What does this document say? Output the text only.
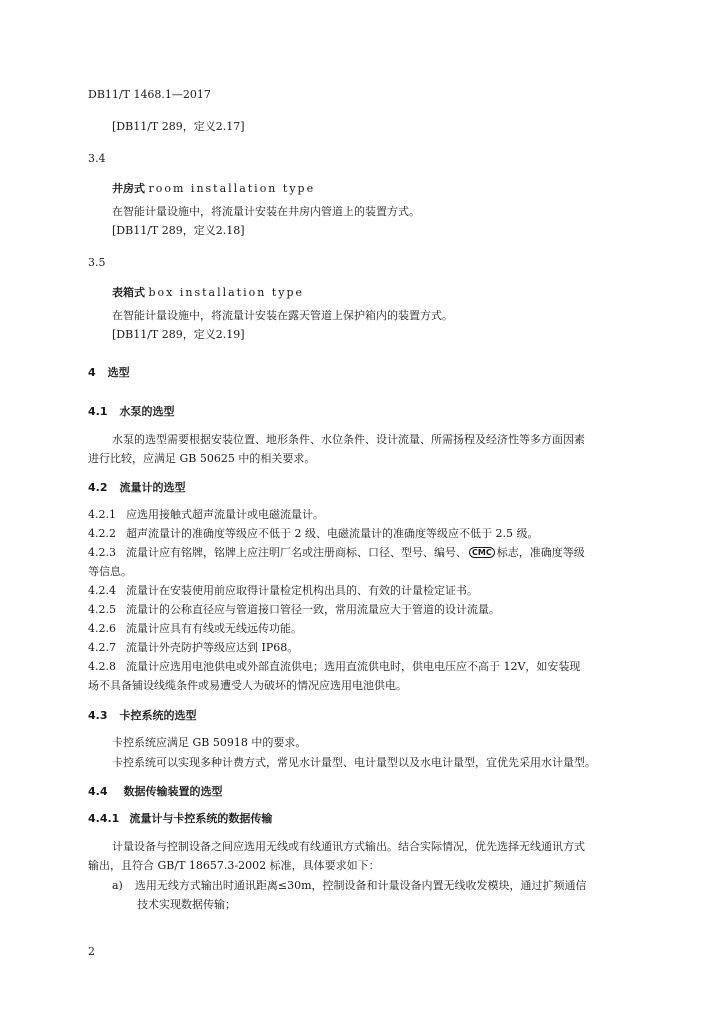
DB11/T 1468.1—2017
[DB11/T 289，定义2.17]
3.4
井房式 room installation type
在智能计量设施中，将流量计安装在井房内管道上的装置方式。
[DB11/T 289，定义2.18]
3.5
表箱式 box installation type
在智能计量设施中，将流量计安装在露天管道上保护箱内的装置方式。
[DB11/T 289，定义2.19]
4 选型
4.1 水泵的选型
水泵的选型需要根据安装位置、地形条件、水位条件、设计流量、所需扬程及经济性等多方面因素
进行比较，应满足 GB 50625 中的相关要求。
4.2 流量计的选型
4.2.1 应选用接触式超声流量计或电磁流量计。
4.2.2 超声流量计的准确度等级应不低于 2 级、电磁流量计的准确度等级应不低于 2.5 级。
4.2.3 流量计应有铭牌，铭牌上应注明厂名或注册商标、口径、型号、编号、 CMC 标志，准确度等级
等信息。
4.2.4 流量计在安装使用前应取得计量检定机构出具的、有效的计量检定证书。
4.2.5 流量计的公称直径应与管道接口管径一致，常用流量应大于管道的设计流量。
4.2.6 流量计应具有有线或无线远传功能。
4.2.7 流量计外壳防护等级应达到 IP68。
4.2.8 流量计应选用电池供电或外部直流供电；选用直流供电时，供电电压应不高于 12V，如安装现
场不具备铺设线缆条件或易遭受人为破坏的情况应选用电池供电。
4.3 卡控系统的选型
卡控系统应满足 GB 50918 中的要求。
卡控系统可以实现多种计费方式，常见水计量型、电计量型以及水电计量型，宜优先采用水计量型。
4.4 数据传输装置的选型
4.4.1 流量计与卡控系统的数据传输
计量设备与控制设备之间应选用无线或有线通讯方式输出。结合实际情况，优先选择无线通讯方式
输出，且符合 GB/T 18657.3-2002 标准，具体要求如下：
a) 选用无线方式输出时通讯距离≤30m，控制设备和计量设备内置无线收发模块，通过扩频通信
技术实现数据传输；
2
